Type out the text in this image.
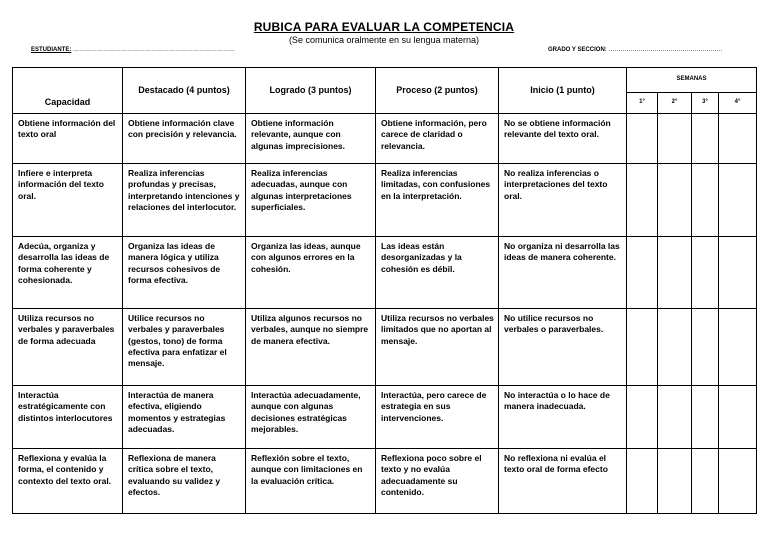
RUBICA PARA EVALUAR LA COMPETENCIA
(Se comunica oralmente en su lengua materna)
ESTUDIANTE: ………………………………………………………………………	GRADO Y SECCION: …………………………………………………
Capacidad	Destacado (4 puntos)	Logrado (3 puntos)	Proceso (2 puntos)	Inicio (1 punto)	SEMANAS			
					1°	2°	3°	4°
Obtiene información del texto oral	Obtiene información clave con precisión y relevancia.	Obtiene información relevante, aunque con algunas imprecisiones.	Obtiene información, pero carece de claridad o relevancia.	No se obtiene información relevante del texto oral.				
Infiere e interpreta información del texto oral.	Realiza inferencias profundas y precisas, interpretando intenciones y relaciones del interlocutor.	Realiza inferencias adecuadas, aunque con algunas interpretaciones superficiales.	Realiza inferencias limitadas, con confusiones en la interpretación.	No realiza inferencias o interpretaciones del texto oral.				
Adecúa, organiza y desarrolla las ideas de forma coherente y cohesionada.	Organiza las ideas de manera lógica y utiliza recursos cohesivos de forma efectiva.	Organiza las ideas, aunque con algunos errores en la cohesión.	Las ideas están desorganizadas y la cohesión es débil.	No organiza ni desarrolla las ideas de manera coherente.				
Utiliza recursos no verbales y paraverbales de forma adecuada	Utilice recursos no verbales y paraverbales (gestos, tono) de forma efectiva para enfatizar el mensaje.	Utiliza algunos recursos no verbales, aunque no siempre de manera efectiva.	Utiliza recursos no verbales limitados que no aportan al mensaje.	No utilice recursos no verbales o paraverbales.				
Interactúa estratégicamente con distintos interlocutores	Interactúa de manera efectiva, eligiendo momentos y estrategias adecuadas.	Interactúa adecuadamente, aunque con algunas decisiones estratégicas mejorables.	Interactúa, pero carece de estrategia en sus intervenciones.	No interactúa o lo hace de manera inadecuada.				
Reflexiona y evalúa la forma, el contenido y contexto del texto oral.	Reflexiona de manera crítica sobre el texto, evaluando su validez y efectos.	Reflexión sobre el texto, aunque con limitaciones en la evaluación crítica.	Reflexiona poco sobre el texto y no evalúa adecuadamente su contenido.	No reflexiona ni evalúa el texto oral de forma efecto				
